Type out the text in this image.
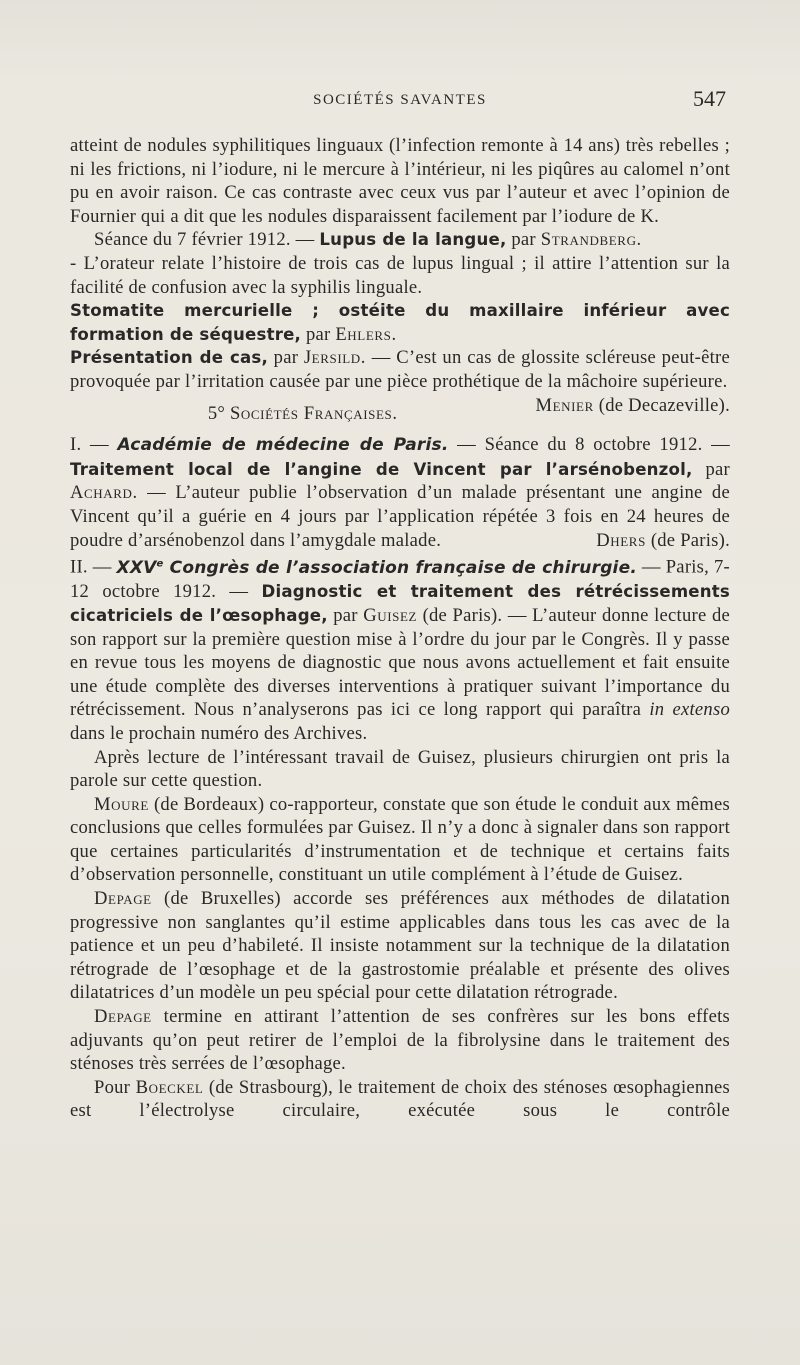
SOCIÉTÉS SAVANTES	547

atteint de nodules syphilitiques linguaux (l’infection remonte à 14 ans) très rebelles ; ni les frictions, ni l’iodure, ni le mercure à l’intérieur, ni les piqûres au calomel n’ont pu en avoir raison. Ce cas contraste avec ceux vus par l’auteur et avec l’opinion de Fournier qui a dit que les nodules disparaissent facilement par l’iodure de K.

Séance du 7 février 1912. — Lupus de la langue, par Strandberg.

- L’orateur relate l’histoire de trois cas de lupus lingual ; il attire l’attention sur la facilité de confusion avec la syphilis linguale.

Stomatite mercurielle ; ostéite du maxillaire inférieur avec formation de séquestre, par Ehlers.

Présentation de cas, par Jersild. — C’est un cas de glossite scléreuse peut-être provoquée par l’irritation causée par une pièce prothétique de la mâchoire supérieure.
Menier (de Decazeville).

5° Sociétés Françaises.

I. — Académie de médecine de Paris. — Séance du 8 octobre 1912. — Traitement local de l’angine de Vincent par l’arsénobenzol, par Achard. — L’auteur publie l’observation d’un malade présentant une angine de Vincent qu’il a guérie en 4 jours par l’application répétée 3 fois en 24 heures de poudre d’arsénobenzol dans l’amygdale malade.	Dhers (de Paris).

II. — XXVe Congrès de l’association française de chirurgie. — Paris, 7-12 octobre 1912. — Diagnostic et traitement des rétrécissements cicatriciels de l’œsophage, par Guisez (de Paris). — L’auteur donne lecture de son rapport sur la première question mise à l’ordre du jour par le Congrès. Il y passe en revue tous les moyens de diagnostic que nous avons actuellement et fait ensuite une étude complète des diverses interventions à pratiquer suivant l’importance du rétrécissement. Nous n’analyserons pas ici ce long rapport qui paraîtra in extenso dans le prochain numéro des Archives.

Après lecture de l’intéressant travail de Guisez, plusieurs chirurgien ont pris la parole sur cette question.

Moure (de Bordeaux) co-rapporteur, constate que son étude le conduit aux mêmes conclusions que celles formulées par Guisez. Il n’y a donc à signaler dans son rapport que certaines particularités d’instrumentation et de technique et certains faits d’observation personnelle, constituant un utile complément à l’étude de Guisez.

Depage (de Bruxelles) accorde ses préférences aux méthodes de dilatation progressive non sanglantes qu’il estime applicables dans tous les cas avec de la patience et un peu d’habileté. Il insiste notamment sur la technique de la dilatation rétrograde de l’œsophage et de la gastrostomie préalable et présente des olives dilatatrices d’un modèle un peu spécial pour cette dilatation rétrograde.

Depage termine en attirant l’attention de ses confrères sur les bons effets adjuvants qu’on peut retirer de l’emploi de la fibrolysine dans le traitement des sténoses très serrées de l’œsophage.

Pour Boeckel (de Strasbourg), le traitement de choix des sténoses œsophagiennes est l’électrolyse circulaire, exécutée sous le contrôle
